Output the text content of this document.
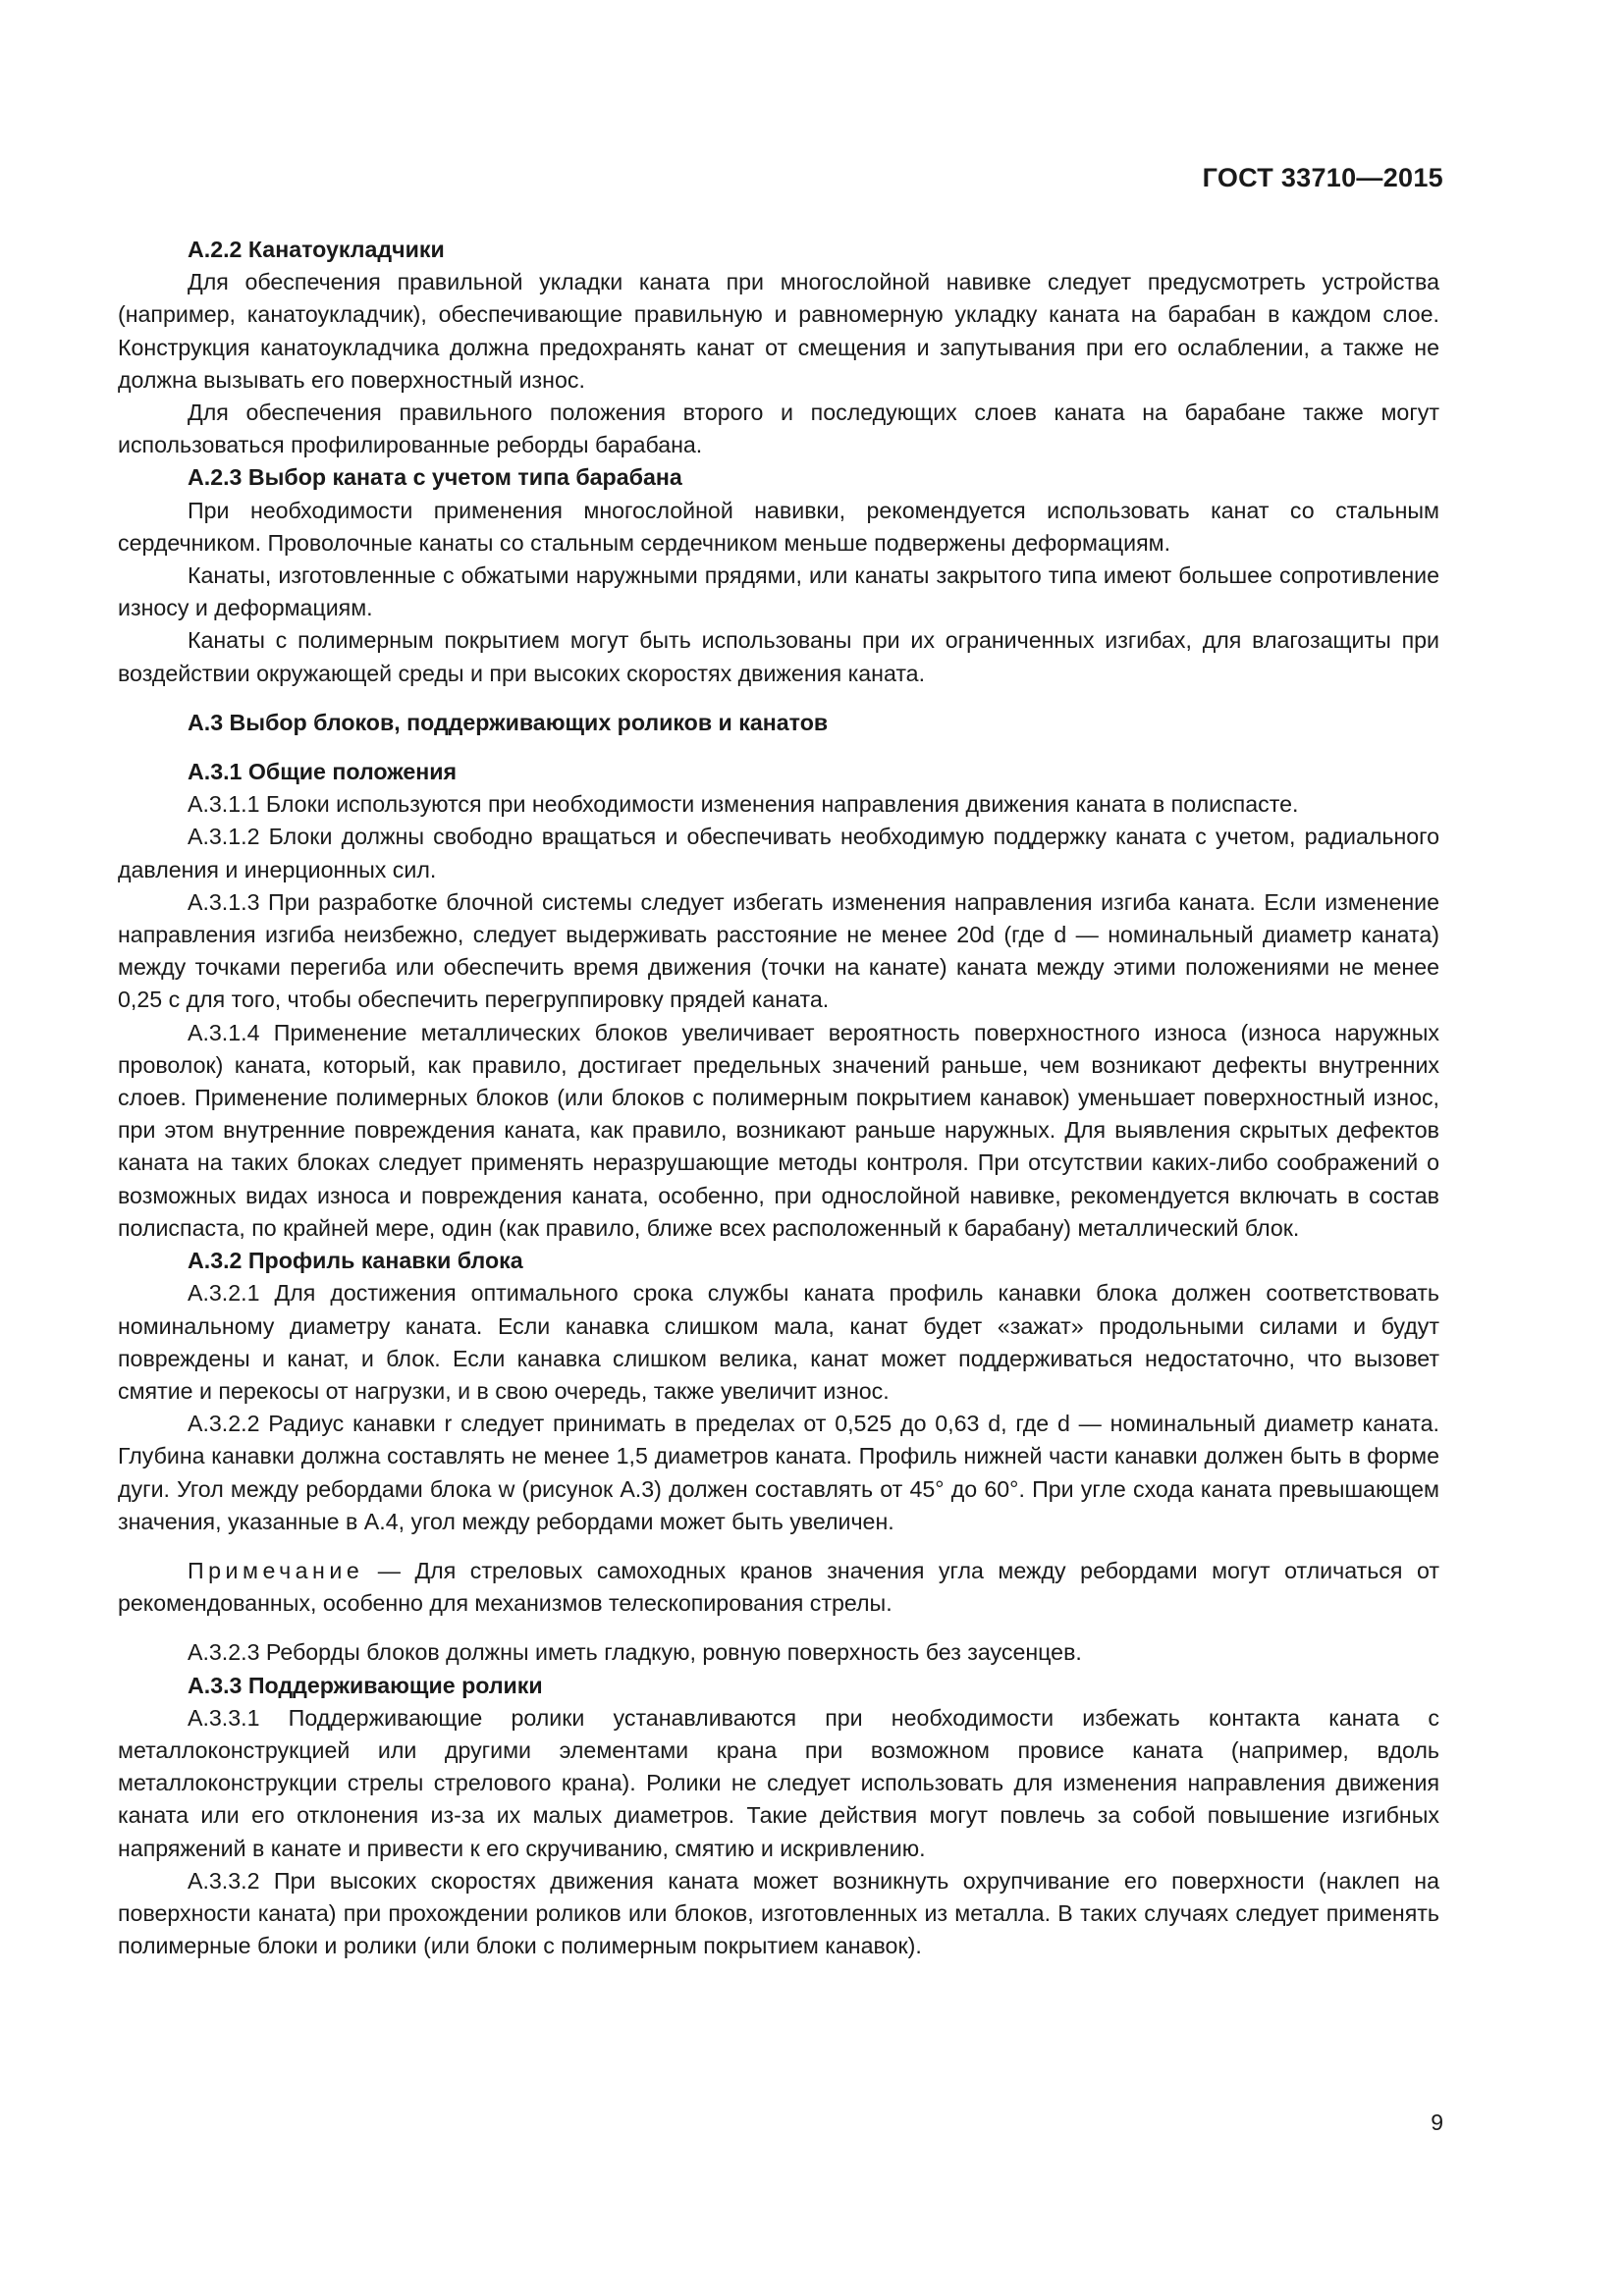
ГОСТ 33710—2015

А.2.2 Канатоукладчики

Для обеспечения правильной укладки каната при многослойной навивке следует предусмотреть устройства (например, канатоукладчик), обеспечивающие правильную и равномерную укладку каната на барабан в каждом слое. Конструкция канатоукладчика должна предохранять канат от смещения и запутывания при его ослаблении, а также не должна вызывать его поверхностный износ.

Для обеспечения правильного положения второго и последующих слоев каната на барабане также могут использоваться профилированные реборды барабана.

А.2.3 Выбор каната с учетом типа барабана

При необходимости применения многослойной навивки, рекомендуется использовать канат со стальным сердечником. Проволочные канаты со стальным сердечником меньше подвержены деформациям.

Канаты, изготовленные с обжатыми наружными прядями, или канаты закрытого типа имеют большее сопротивление износу и деформациям.

Канаты с полимерным покрытием могут быть использованы при их ограниченных изгибах, для влагозащиты при воздействии окружающей среды и при высоких скоростях движения каната.

А.3 Выбор блоков, поддерживающих роликов и канатов

А.3.1 Общие положения

А.3.1.1 Блоки используются при необходимости изменения направления движения каната в полиспасте.

А.3.1.2 Блоки должны свободно вращаться и обеспечивать необходимую поддержку каната с учетом, радиального давления и инерционных сил.

А.3.1.3 При разработке блочной системы следует избегать изменения направления изгиба каната. Если изменение направления изгиба неизбежно, следует выдерживать расстояние не менее 20d (где d — номинальный диаметр каната) между точками перегиба или обеспечить время движения (точки на канате) каната между этими положениями не менее 0,25 с для того, чтобы обеспечить перегруппировку прядей каната.

А.3.1.4 Применение металлических блоков увеличивает вероятность поверхностного износа (износа наружных проволок) каната, который, как правило, достигает предельных значений раньше, чем возникают дефекты внутренних слоев. Применение полимерных блоков (или блоков с полимерным покрытием канавок) уменьшает поверхностный износ, при этом внутренние повреждения каната, как правило, возникают раньше наружных. Для выявления скрытых дефектов каната на таких блоках следует применять неразрушающие методы контроля. При отсутствии каких-либо соображений о возможных видах износа и повреждения каната, особенно, при однослойной навивке, рекомендуется включать в состав полиспаста, по крайней мере, один (как правило, ближе всех расположенный к барабану) металлический блок.

А.3.2 Профиль канавки блока

А.3.2.1 Для достижения оптимального срока службы каната профиль канавки блока должен соответствовать номинальному диаметру каната. Если канавка слишком мала, канат будет «зажат» продольными силами и будут повреждены и канат, и блок. Если канавка слишком велика, канат может поддерживаться недостаточно, что вызовет смятие и перекосы от нагрузки, и в свою очередь, также увеличит износ.

А.3.2.2 Радиус канавки r следует принимать в пределах от 0,525 до 0,63 d, где d — номинальный диаметр каната. Глубина канавки должна составлять не менее 1,5 диаметров каната. Профиль нижней части канавки должен быть в форме дуги. Угол между ребордами блока w (рисунок А.3) должен составлять от 45° до 60°. При угле схода каната превышающем значения, указанные в А.4, угол между ребордами может быть увеличен.

Примечание — Для стреловых самоходных кранов значения угла между ребордами могут отличаться от рекомендованных, особенно для механизмов телескопирования стрелы.

А.3.2.3 Реборды блоков должны иметь гладкую, ровную поверхность без заусенцев.

А.3.3 Поддерживающие ролики

А.3.3.1 Поддерживающие ролики устанавливаются при необходимости избежать контакта каната с металлоконструкцией или другими элементами крана при возможном провисе каната (например, вдоль металлоконструкции стрелы стрелового крана). Ролики не следует использовать для изменения направления движения каната или его отклонения из-за их малых диаметров. Такие действия могут повлечь за собой повышение изгибных напряжений в канате и привести к его скручиванию, смятию и искривлению.

А.3.3.2 При высоких скоростях движения каната может возникнуть охрупчивание его поверхности (наклеп на поверхности каната) при прохождении роликов или блоков, изготовленных из металла. В таких случаях следует применять полимерные блоки и ролики (или блоки с полимерным покрытием канавок).

9
